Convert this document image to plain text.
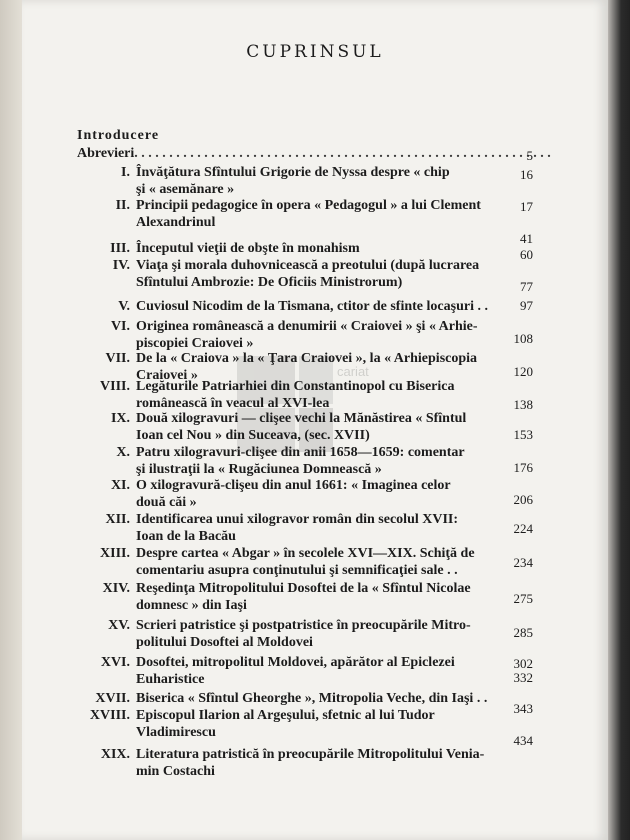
CUPRINSUL
Introducere
Abrevieri
. . .	5
cariat
I. Învăţătura Sfîntului Grigorie de Nyssa despre « chip
şi « asemănare »
16
II. Principii pedagogice în opera « Pedagogul » a lui Clement
Alexandrinul
17
III. Începutul vieţii de obşte în monahism
41
IV. Viaţa şi morala duhovnicească a preotului (după lucrarea
Sfîntului Ambrozie: De Oficiis Ministrorum)
60
V. Cuviosul Nicodim de la Tismana, ctitor de sfinte locaşuri . .
77
VI. Originea românească a denumirii « Craiovei » şi « Arhie-
piscopiei Craiovei »
97
VII. De la « Craiova » la « Ţara Craiovei », la « Arhiepiscopia
Craiovei »
108
VIII. Legăturile Patriarhiei din Constantinopol cu Biserica
românească în veacul al XVI-lea
120
IX. Două xilogravuri — clişee vechi la Mănăstirea « Sfîntul
Ioan cel Nou » din Suceava, (sec. XVII)
138
X. Patru xilogravuri-clişee din anii 1658—1659: comentar
şi ilustraţii la « Rugăciunea Domnească »
153
XI. O xilogravură-clişeu din anul 1661: « Imaginea celor
două căi »
176
XII. Identificarea unui xilogravor român din secolul XVII:
Ioan de la Bacău
206
XIII. Despre cartea « Abgar » în secolele XVI—XIX. Schiţă de
comentariu asupra conţinutului şi semnificaţiei sale . .
224
XIV. Reşedinţa Mitropolitului Dosoftei de la « Sfîntul Nicolae
domnesc » din Iaşi
234
XV. Scrieri patristice şi postpatristice în preocupările Mitro-
politului Dosoftei al Moldovei
275
XVI. Dosoftei, mitropolitul Moldovei, apărător al Epiclezei
Euharistice
285
XVII. Biserica « Sfîntul Gheorghe », Mitropolia Veche, din Iaşi . .
302
XVIII. Episcopul Ilarion al Argeşului, sfetnic al lui Tudor
Vladimirescu
332
XIX. Literatura patristică în preocupările Mitropolitului Venia-
min Costachi
343
434
